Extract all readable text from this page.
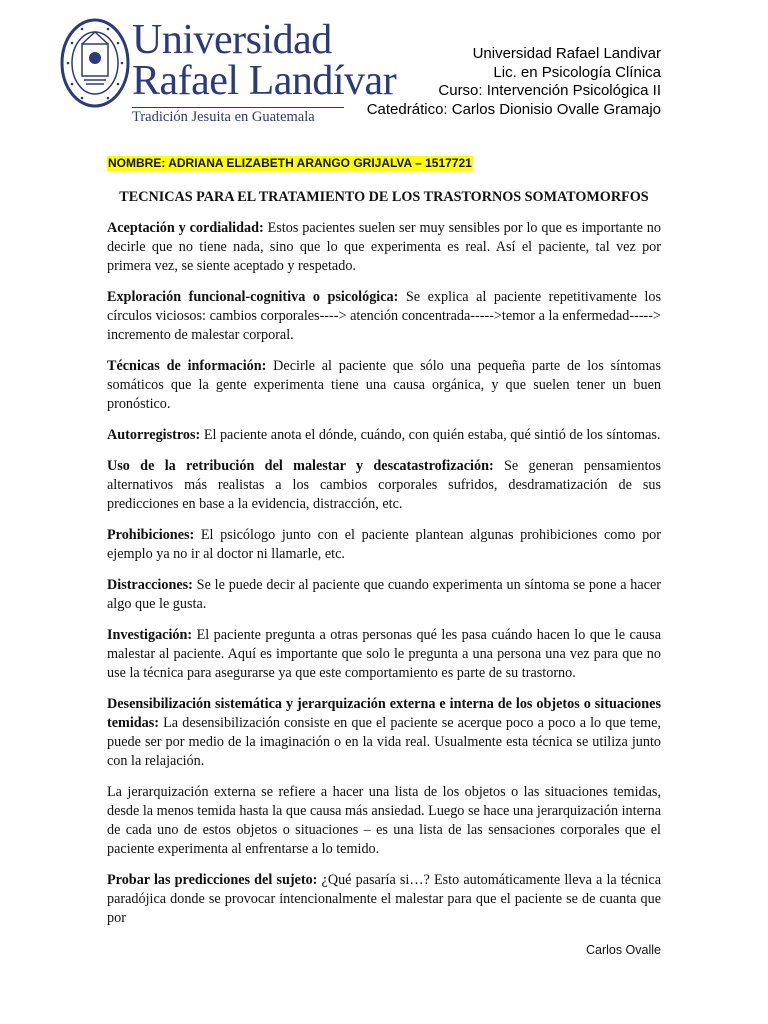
Universidad
Rafael Landívar
Tradición Jesuita en Guatemala
Universidad Rafael Landivar
Lic. en Psicología Clínica
Curso: Intervención Psicológica II
Catedrático: Carlos Dionisio Ovalle Gramajo
NOMBRE: ADRIANA ELIZABETH ARANGO GRIJALVA – 1517721
TECNICAS PARA EL TRATAMIENTO DE LOS TRASTORNOS SOMATOMORFOS

Aceptación y cordialidad: Estos pacientes suelen ser muy sensibles por lo que es importante no decirle que no tiene nada, sino que lo que experimenta es real. Así el paciente, tal vez por primera vez, se siente aceptado y respetado.

Exploración funcional-cognitiva o psicológica: Se explica al paciente repetitivamente los círculos viciosos: cambios corporales----> atención concentrada----->temor a la enfermedad-----> incremento de malestar corporal.

Técnicas de información: Decirle al paciente que sólo una pequeña parte de los síntomas somáticos que la gente experimenta tiene una causa orgánica, y que suelen tener un buen pronóstico.

Autorregistros: El paciente anota el dónde, cuándo, con quién estaba, qué sintió de los síntomas.

Uso de la retribución del malestar y descatastrofización: Se generan pensamientos alternativos más realistas a los cambios corporales sufridos, desdramatización de sus predicciones en base a la evidencia, distracción, etc.

Prohibiciones: El psicólogo junto con el paciente plantean algunas prohibiciones como por ejemplo ya no ir al doctor ni llamarle, etc.

Distracciones: Se le puede decir al paciente que cuando experimenta un síntoma se pone a hacer algo que le gusta.

Investigación: El paciente pregunta a otras personas qué les pasa cuándo hacen lo que le causa malestar al paciente. Aquí es importante que solo le pregunta a una persona una vez para que no use la técnica para asegurarse ya que este comportamiento es parte de su trastorno.

Desensibilización sistemática y jerarquización externa e interna de los objetos o situaciones temidas: La desensibilización consiste en que el paciente se acerque poco a poco a lo que teme, puede ser por medio de la imaginación o en la vida real. Usualmente esta técnica se utiliza junto con la relajación.

La jerarquización externa se refiere a hacer una lista de los objetos o las situaciones temidas, desde la menos temida hasta la que causa más ansiedad. Luego se hace una jerarquización interna de cada uno de estos objetos o situaciones – es una lista de las sensaciones corporales que el paciente experimenta al enfrentarse a lo temido.

Probar las predicciones del sujeto: ¿Qué pasaría si…? Esto automáticamente lleva a la técnica paradójica donde se provocar intencionalmente el malestar para que el paciente se de cuanta que por

Carlos Ovalle
